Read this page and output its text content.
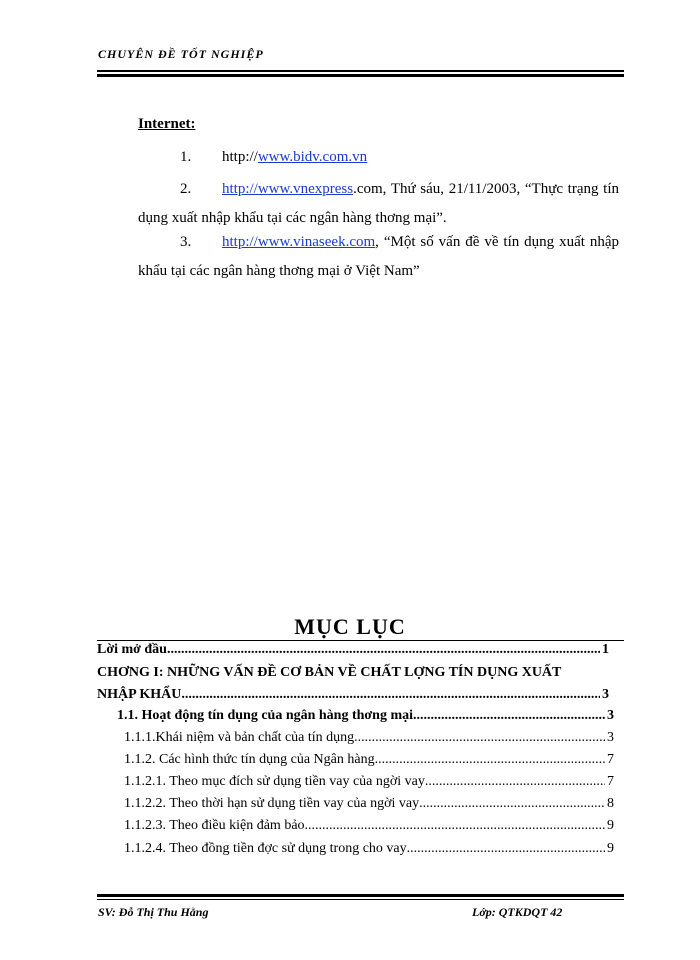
CHUYÊN ĐỀ TỐT NGHIỆP
Internet:
1. http://www.bidv.com.vn
2. http://www.vnexpress.com, Thứ sáu, 21/11/2003, “Thực trạng tín dụng xuất nhập khẩu tại các ngân hàng thơng mại”.
3. http://www.vinaseek.com, “Một số vấn đề về tín dụng xuất nhập khẩu tại các ngân hàng thơng mại ở Việt Nam”
MỤC LỤC
Lời mở đầu .....	1
CHƠNG I: NHỮNG VẤN ĐỀ CƠ BẢN VỀ CHẤT LỢNG TÍN DỤNG XUẤT
NHẬP KHẨU .....	3
1.1. Hoạt động tín dụng của ngân hàng thơng mại .....	3
1.1.1.Khái niệm và bản chất của tín dụng .....	3
1.1.2. Các hình thức tín dụng của Ngân hàng .....	7
1.1.2.1. Theo mục đích sử dụng tiền vay của ngời vay .....	7
1.1.2.2. Theo thời hạn sử dụng tiền vay của ngời vay .....	8
1.1.2.3. Theo điều kiện đảm bảo .....	9
1.1.2.4. Theo đồng tiền đợc sử dụng trong cho vay .....	9
SV: Đỗ Thị Thu Hằng	Lớp: QTKDQT 42
